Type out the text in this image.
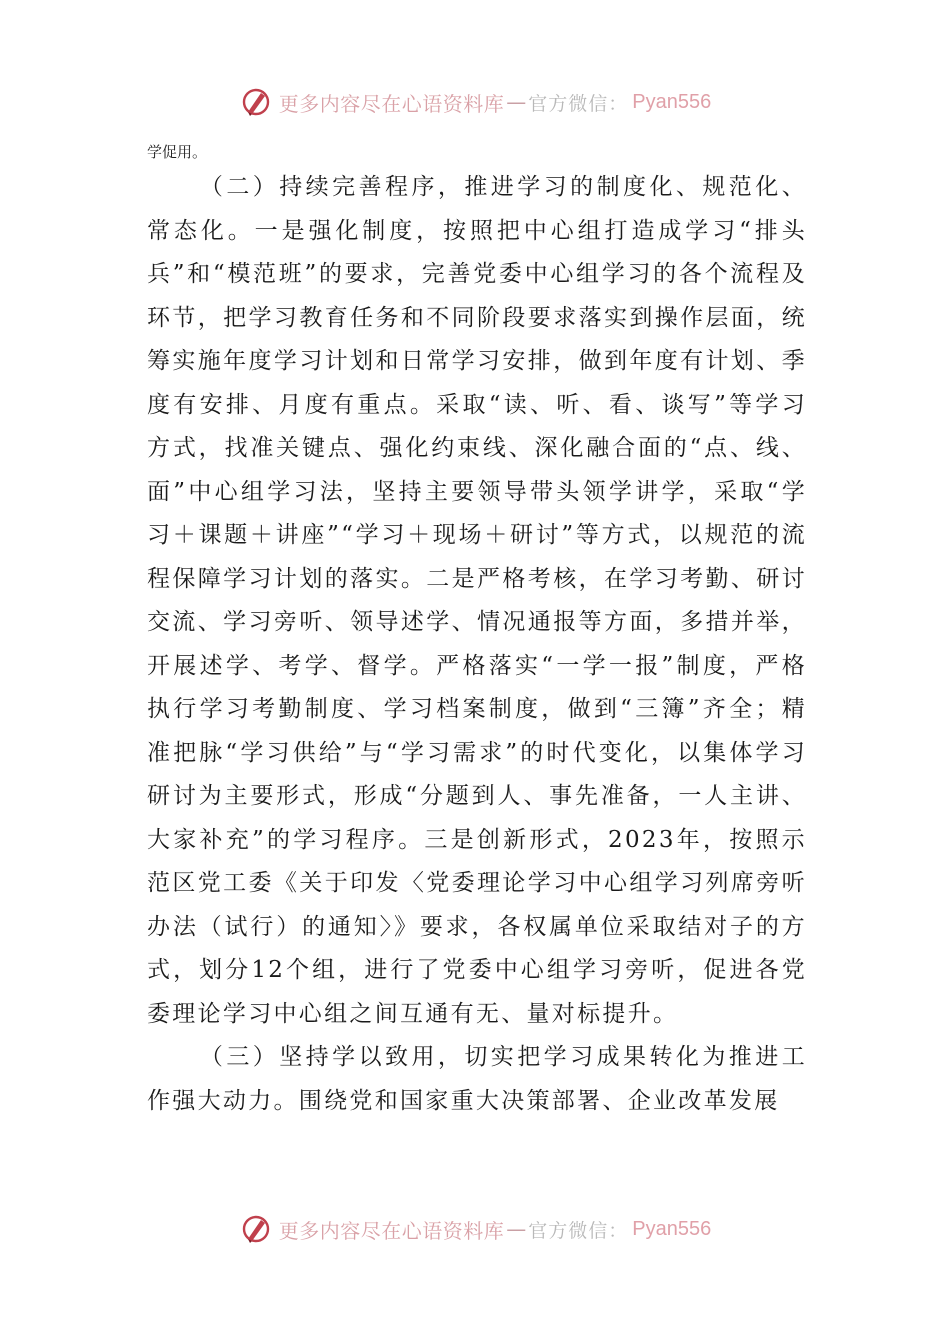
更多内容尽在心语资料库 — 官方微信： Pyan556
学促用。

（二）持续完善程序，推进学习的制度化、规范化、常态化。一是强化制度，按照把中心组打造成学习“排头兵”和“模范班”的要求，完善党委中心组学习的各个流程及环节，把学习教育任务和不同阶段要求落实到操作层面，统筹实施年度学习计划和日常学习安排，做到年度有计划、季度有安排、月度有重点。采取“读、听、看、谈写”等学习方式，找准关键点、强化约束线、深化融合面的“点、线、面”中心组学习法，坚持主要领导带头领学讲学，采取“学习＋课题＋讲座”“学习＋现场＋研讨”等方式，以规范的流程保障学习计划的落实。二是严格考核，在学习考勤、研讨交流、学习旁听、领导述学、情况通报等方面，多措并举，开展述学、考学、督学。严格落实“一学一报”制度，严格执行学习考勤制度、学习档案制度，做到“三簿”齐全；精准把脉“学习供给”与“学习需求”的时代变化，以集体学习研讨为主要形式，形成“分题到人、事先准备，一人主讲、大家补充”的学习程序。三是创新形式，2023年，按照示范区党工委《关于印发〈党委理论学习中心组学习列席旁听办法（试行）的通知〉》要求，各权属单位采取结对子的方式，划分12个组，进行了党委中心组学习旁听，促进各党委理论学习中心组之间互通有无、量对标提升。

（三）坚持学以致用，切实把学习成果转化为推进工作强大动力。围绕党和国家重大决策部署、企业改革发展

更多内容尽在心语资料库 — 官方微信： Pyan556
